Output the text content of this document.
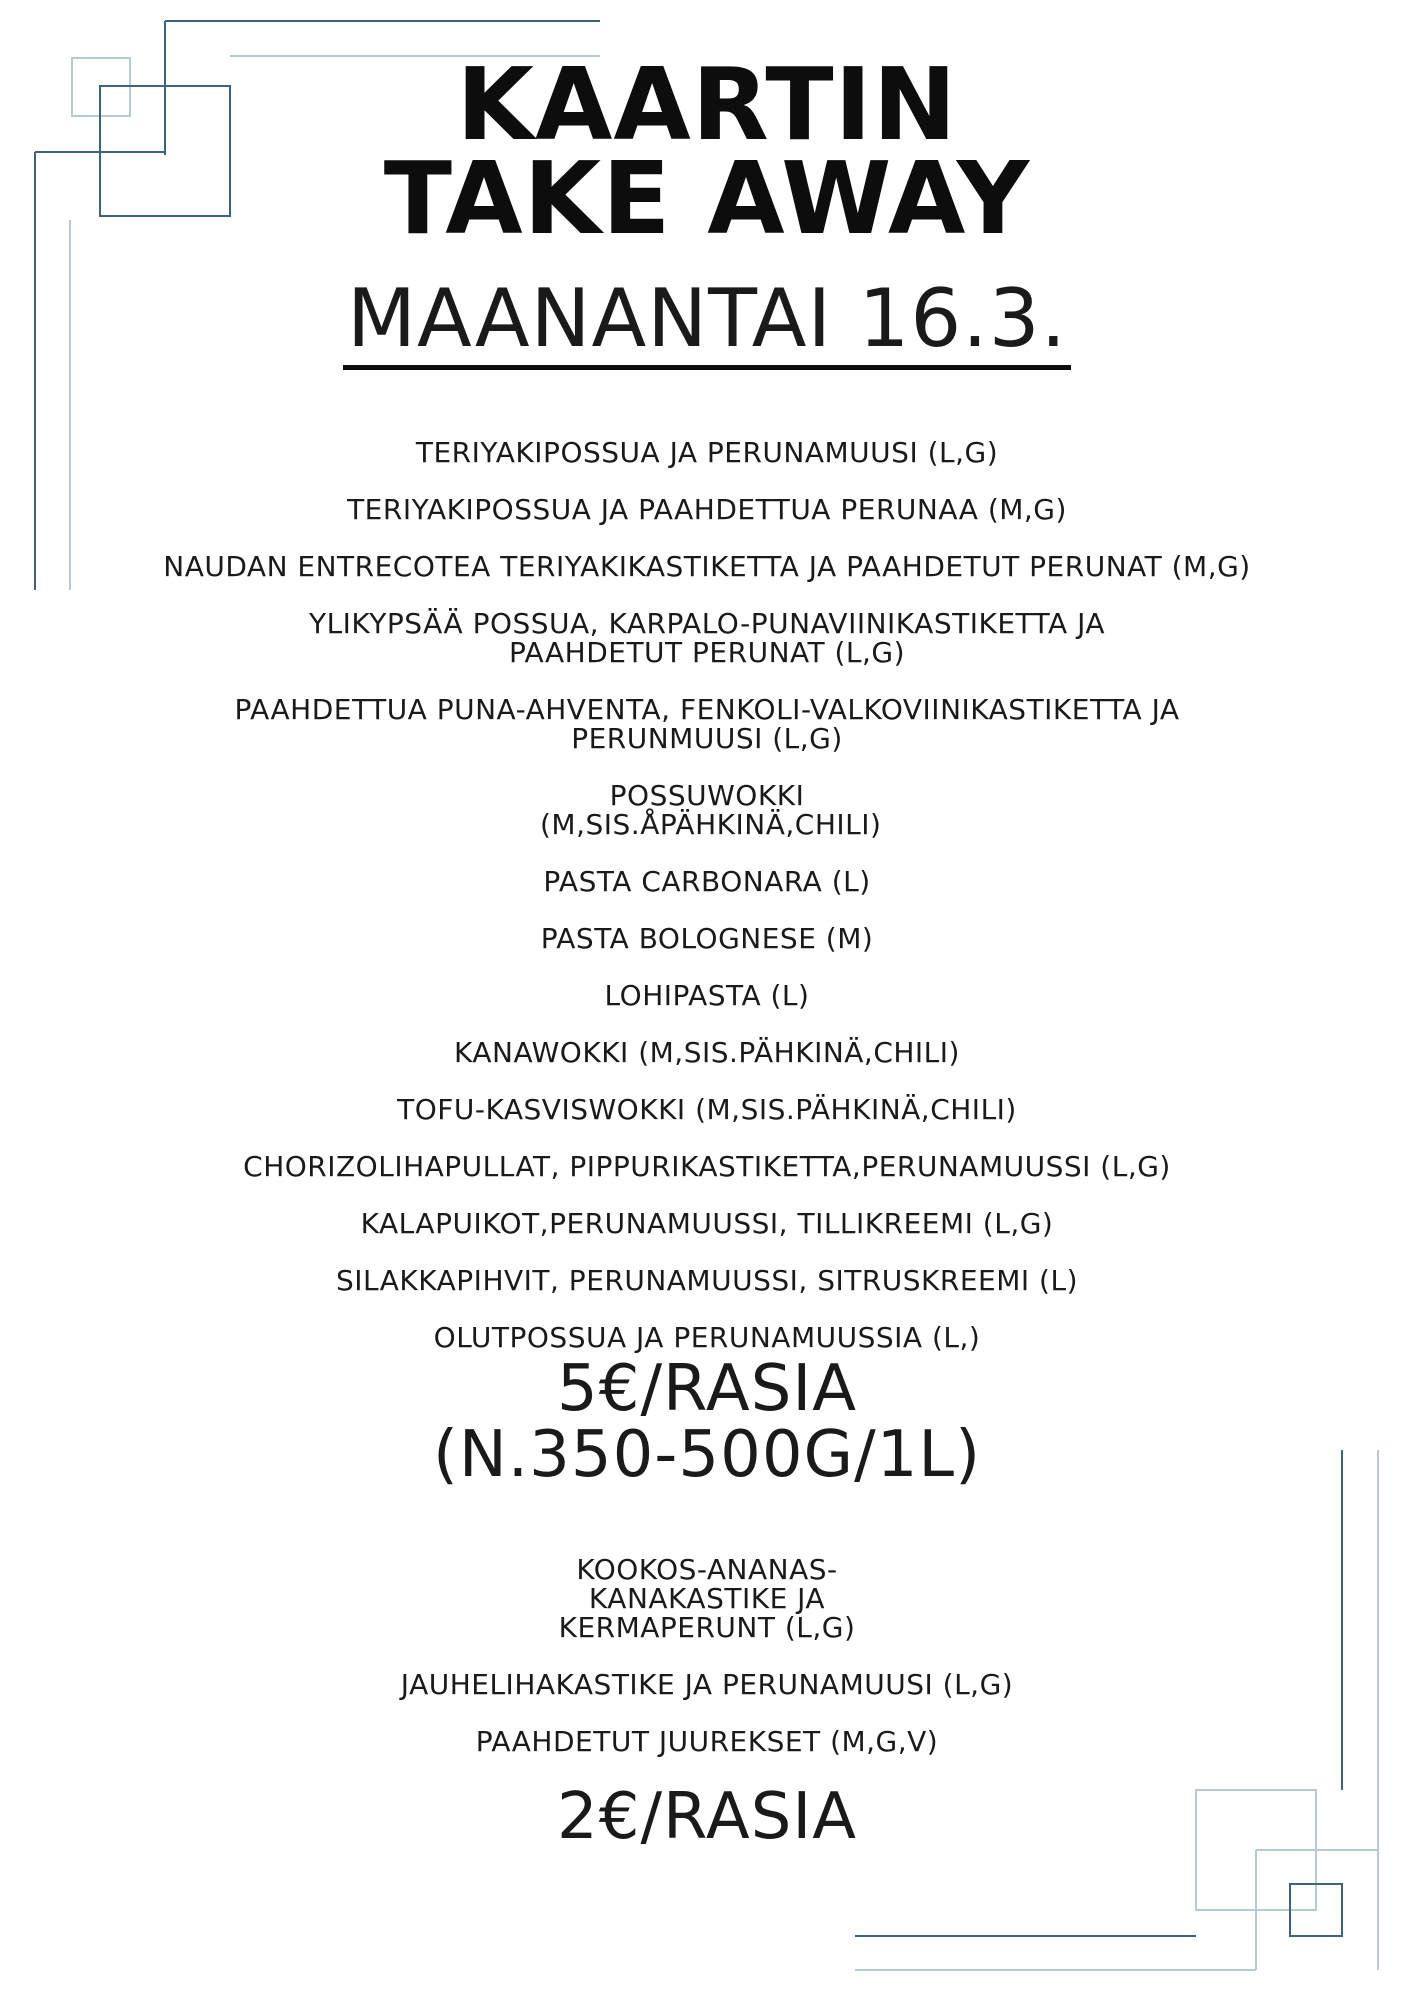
KAARTIN
TAKE AWAY
MAANANTAI 16.3.
TERIYAKIPOSSUA JA PERUNAMUUSI (L,G)
TERIYAKIPOSSUA JA PAAHDETTUA PERUNAA (M,G)
NAUDAN ENTRECOTEA TERIYAKIKASTIKETTA JA PAAHDETUT PERUNAT (M,G)
YLIKYPSÄÄ POSSUA, KARPALO-PUNAVIINIKASTIKETTA JA PAAHDETUT PERUNAT (L,G)
PAAHDETTUA PUNA-AHVENTA, FENKOLI-VALKOVIINIKASTIKETTA JA PERUNMUUSI (L,G)
POSSUWOKKI (M,SIS.ÅPÄHKINÄ,CHILI)
PASTA CARBONARA (L)
PASTA BOLOGNESE (M)
LOHIPASTA (L)
KANAWOKKI (M,SIS.PÄHKINÄ,CHILI)
TOFU-KASVISWOKKI (M,SIS.PÄHKINÄ,CHILI)
CHORIZOLIHAPULLAT, PIPPURIKASTIKETTA,PERUNAMUUSSI (L,G)
KALAPUIKOT,PERUNAMUUSSI, TILLIKREEMI (L,G)
SILAKKAPIHVIT, PERUNAMUUSSI, SITRUSKREEMI (L)
OLUTPOSSUA JA PERUNAMUUSSIA (L,)
5€/RASIA
(N.350-500G/1L)
KOOKOS-ANANAS-KANAKASTIKE JA KERMAPERUNT (L,G)
JAUHELIHAKASTIKE JA PERUNAMUUSI (L,G)
PAAHDETUT JUUREKSET (M,G,V)
2€/RASIA
